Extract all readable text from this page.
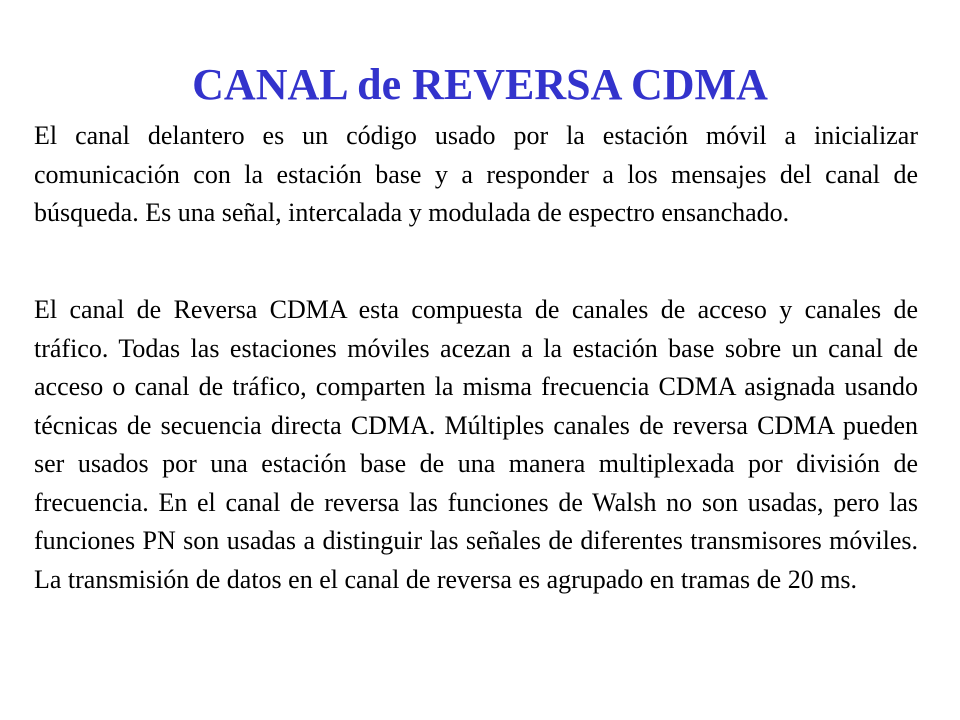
CANAL de REVERSA CDMA

El canal delantero es un código usado por la estación móvil a inicializar comunicación con la estación base y a responder a los mensajes del canal de búsqueda. Es una señal, intercalada y modulada de espectro ensanchado.

El canal de Reversa CDMA esta compuesta de canales de acceso y canales de tráfico. Todas las estaciones móviles acezan a la estación base sobre un canal de acceso o canal de tráfico, comparten la misma frecuencia CDMA asignada usando técnicas de secuencia directa CDMA. Múltiples canales de reversa CDMA pueden ser usados por una estación base de una manera multiplexada por división de frecuencia. En el canal de reversa las funciones de Walsh no son usadas, pero las funciones PN son usadas a distinguir las señales de diferentes transmisores móviles. La transmisión de datos en el canal de reversa es agrupado en tramas de 20 ms.
